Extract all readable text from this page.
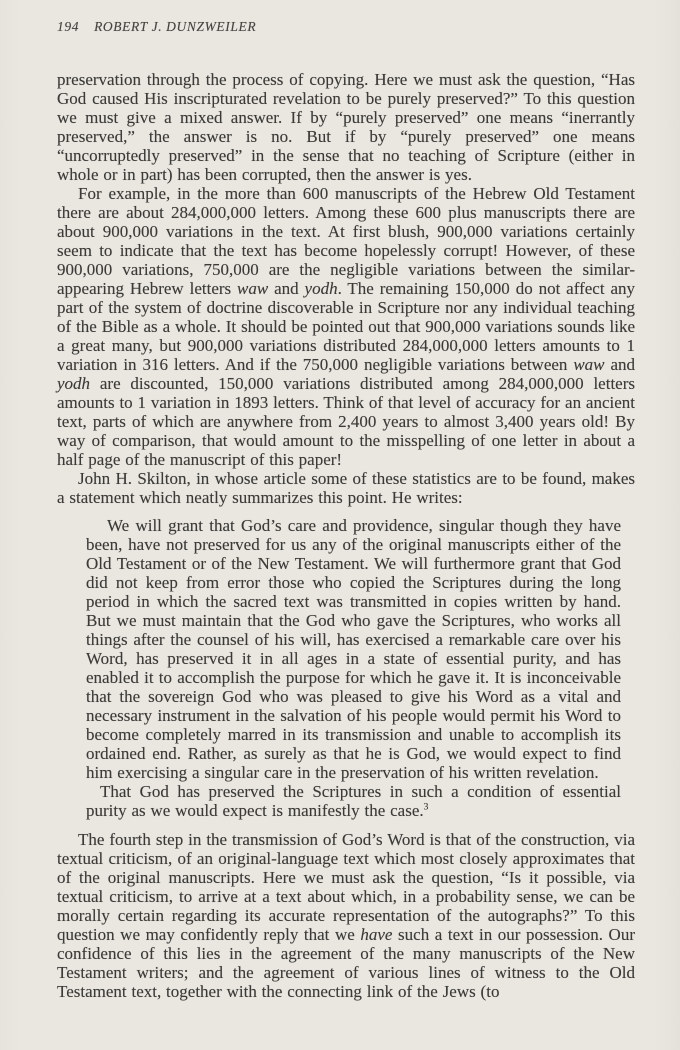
194 ROBERT J. DUNZWEILER

preservation through the process of copying. Here we must ask the question, “Has God caused His inscripturated revelation to be purely preserved?” To this question we must give a mixed answer. If by “purely preserved” one means “inerrantly preserved,” the answer is no. But if by “purely preserved” one means “uncorruptedly preserved” in the sense that no teaching of Scripture (either in whole or in part) has been corrupted, then the answer is yes.

For example, in the more than 600 manuscripts of the Hebrew Old Testament there are about 284,000,000 letters. Among these 600 plus manuscripts there are about 900,000 variations in the text. At first blush, 900,000 variations certainly seem to indicate that the text has become hopelessly corrupt! However, of these 900,000 variations, 750,000 are the negligible variations between the similar-appearing Hebrew letters waw and yodh. The remaining 150,000 do not affect any part of the system of doctrine discoverable in Scripture nor any individual teaching of the Bible as a whole. It should be pointed out that 900,000 variations sounds like a great many, but 900,000 variations distributed 284,000,000 letters amounts to 1 variation in 316 letters. And if the 750,000 negligible variations between waw and yodh are discounted, 150,000 variations distributed among 284,000,000 letters amounts to 1 variation in 1893 letters. Think of that level of accuracy for an ancient text, parts of which are anywhere from 2,400 years to almost 3,400 years old! By way of comparison, that would amount to the misspelling of one letter in about a half page of the manuscript of this paper!

John H. Skilton, in whose article some of these statistics are to be found, makes a statement which neatly summarizes this point. He writes:

We will grant that God’s care and providence, singular though they have been, have not preserved for us any of the original manuscripts either of the Old Testament or of the New Testament. We will furthermore grant that God did not keep from error those who copied the Scriptures during the long period in which the sacred text was transmitted in copies written by hand. But we must maintain that the God who gave the Scriptures, who works all things after the counsel of his will, has exercised a remarkable care over his Word, has preserved it in all ages in a state of essential purity, and has enabled it to accomplish the purpose for which he gave it. It is inconceivable that the sovereign God who was pleased to give his Word as a vital and necessary instrument in the salvation of his people would permit his Word to become completely marred in its transmission and unable to accomplish its ordained end. Rather, as surely as that he is God, we would expect to find him exercising a singular care in the preservation of his written revelation.

That God has preserved the Scriptures in such a condition of essential purity as we would expect is manifestly the case.$^3$

The fourth step in the transmission of God’s Word is that of the construction, via textual criticism, of an original-language text which most closely approximates that of the original manuscripts. Here we must ask the question, “Is it possible, via textual criticism, to arrive at a text about which, in a probability sense, we can be morally certain regarding its accurate representation of the autographs?” To this question we may confidently reply that we have such a text in our possession. Our confidence of this lies in the agreement of the many manuscripts of the New Testament writers; and the agreement of various lines of witness to the Old Testament text, together with the connecting link of the Jews (to
